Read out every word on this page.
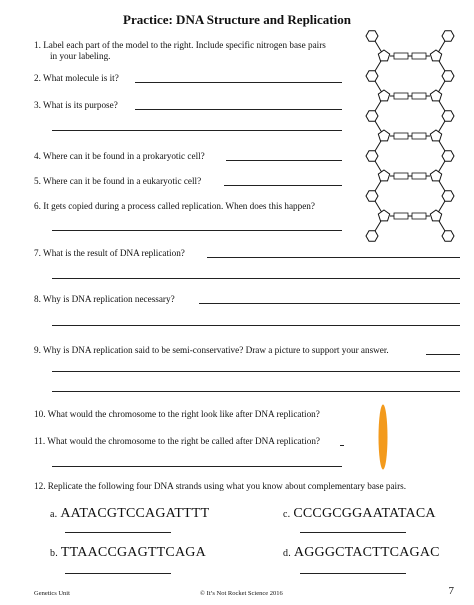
Practice: DNA Structure and Replication
1. Label each part of the model to the right. Include specific nitrogen base pairs
in your labeling.
2. What molecule is it?
3. What is its purpose?
4. Where can it be found in a prokaryotic cell?
5. Where can it be found in a eukaryotic cell?
6. It gets copied during a process called replication. When does this happen?
7. What is the result of DNA replication?
8. Why is DNA replication necessary?
9. Why is DNA replication said to be semi-conservative? Draw a picture to support your answer.
10. What would the chromosome to the right look like after DNA replication?
11. What would the chromosome to the right be called after DNA replication?
12. Replicate the following four DNA strands using what you know about complementary base pairs.
a. AATACGTCCAGATTTT	c. CCCGCGGAATATACA
b. TTAACCGAGTTCAGA	d. AGGGCTACTTCAGAC
Genetics Unit	© It’s Not Rocket Science 2016	7
